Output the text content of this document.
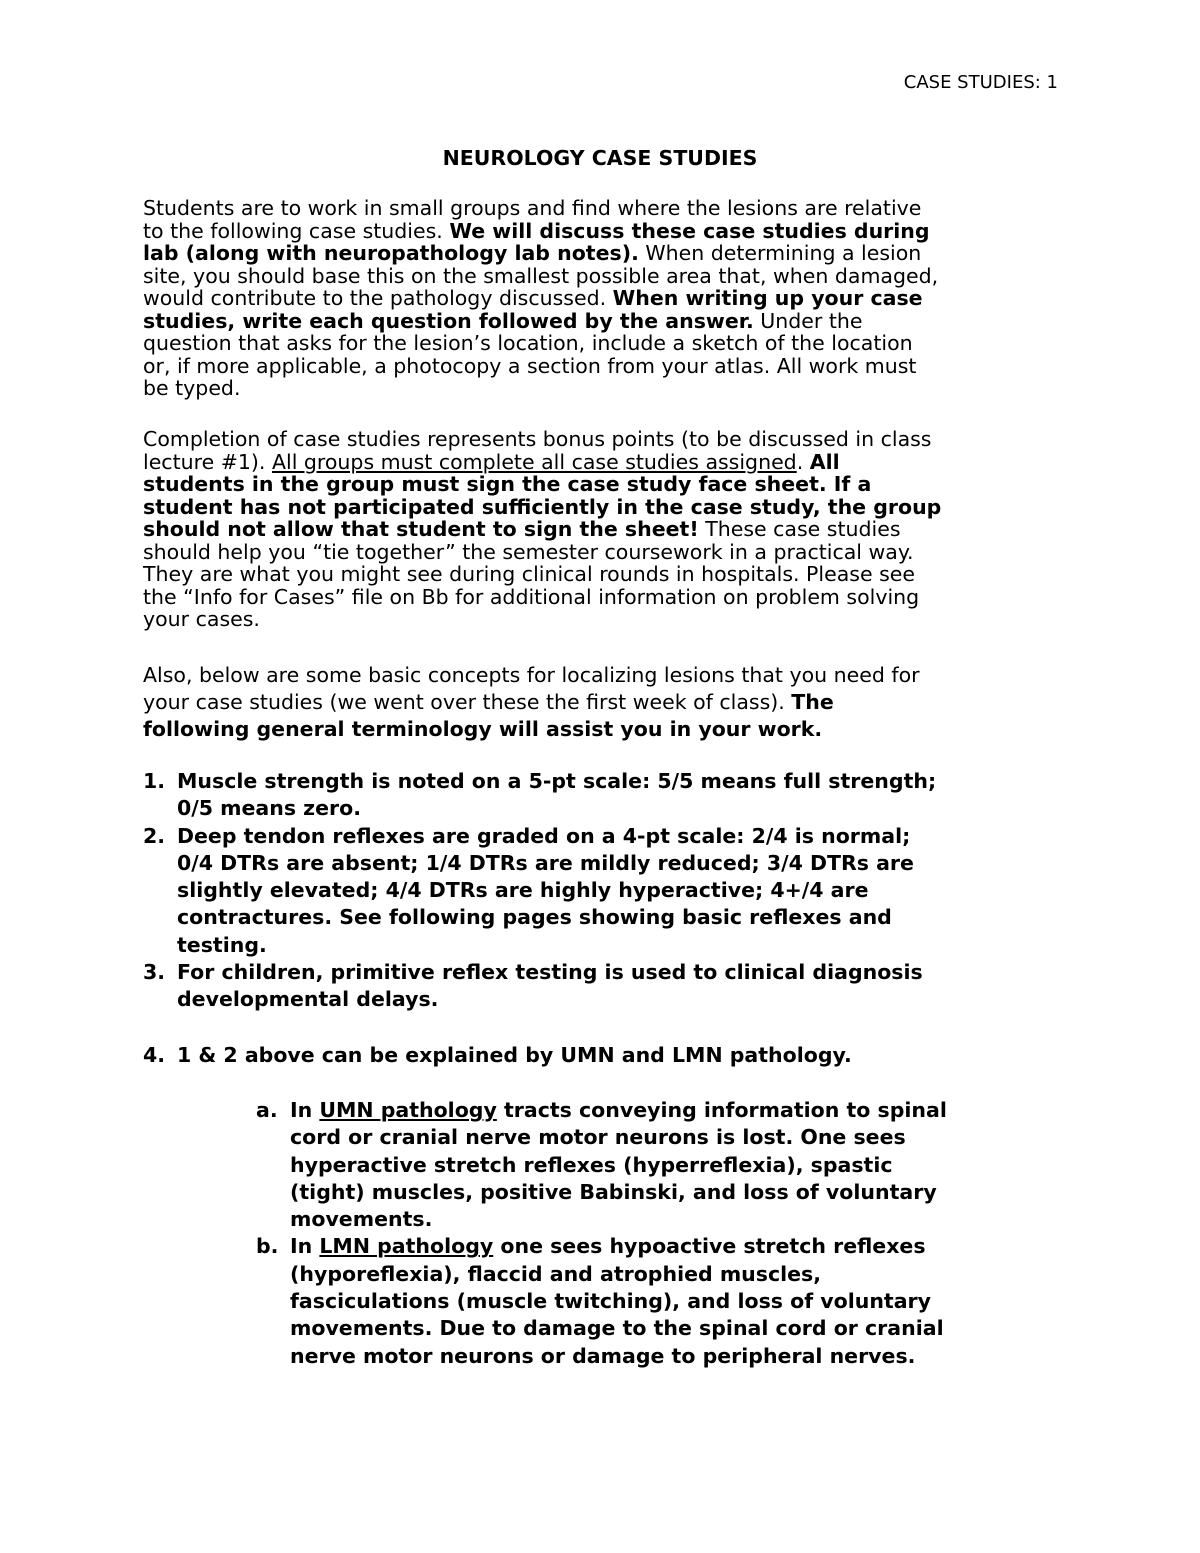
CASE STUDIES: 1
NEUROLOGY CASE STUDIES
Students are to work in small groups and find where the lesions are relative
to the following case studies. We will discuss these case studies during
lab (along with neuropathology lab notes). When determining a lesion
site, you should base this on the smallest possible area that, when damaged,
would contribute to the pathology discussed. When writing up your case
studies, write each question followed by the answer. Under the
question that asks for the lesion’s location, include a sketch of the location
or, if more applicable, a photocopy a section from your atlas. All work must
be typed.
Completion of case studies represents bonus points (to be discussed in class
lecture #1). All groups must complete all case studies assigned. All
students in the group must sign the case study face sheet. If a
student has not participated sufficiently in the case study, the group
should not allow that student to sign the sheet! These case studies
should help you “tie together” the semester coursework in a practical way.
They are what you might see during clinical rounds in hospitals. Please see
the “Info for Cases” file on Bb for additional information on problem solving
your cases.
Also, below are some basic concepts for localizing lesions that you need for
your case studies (we went over these the first week of class). The
following general terminology will assist you in your work.
1. Muscle strength is noted on a 5-pt scale: 5/5 means full strength;
0/5 means zero.
2. Deep tendon reflexes are graded on a 4-pt scale: 2/4 is normal;
0/4 DTRs are absent; 1/4 DTRs are mildly reduced; 3/4 DTRs are
slightly elevated; 4/4 DTRs are highly hyperactive; 4+/4 are
contractures. See following pages showing basic reflexes and
testing.
3. For children, primitive reflex testing is used to clinical diagnosis
developmental delays.
4. 1 & 2 above can be explained by UMN and LMN pathology.
a. In UMN pathology tracts conveying information to spinal
cord or cranial nerve motor neurons is lost. One sees
hyperactive stretch reflexes (hyperreflexia), spastic
(tight) muscles, positive Babinski, and loss of voluntary
movements.
b. In LMN pathology one sees hypoactive stretch reflexes
(hyporeflexia), flaccid and atrophied muscles,
fasciculations (muscle twitching), and loss of voluntary
movements. Due to damage to the spinal cord or cranial
nerve motor neurons or damage to peripheral nerves.
